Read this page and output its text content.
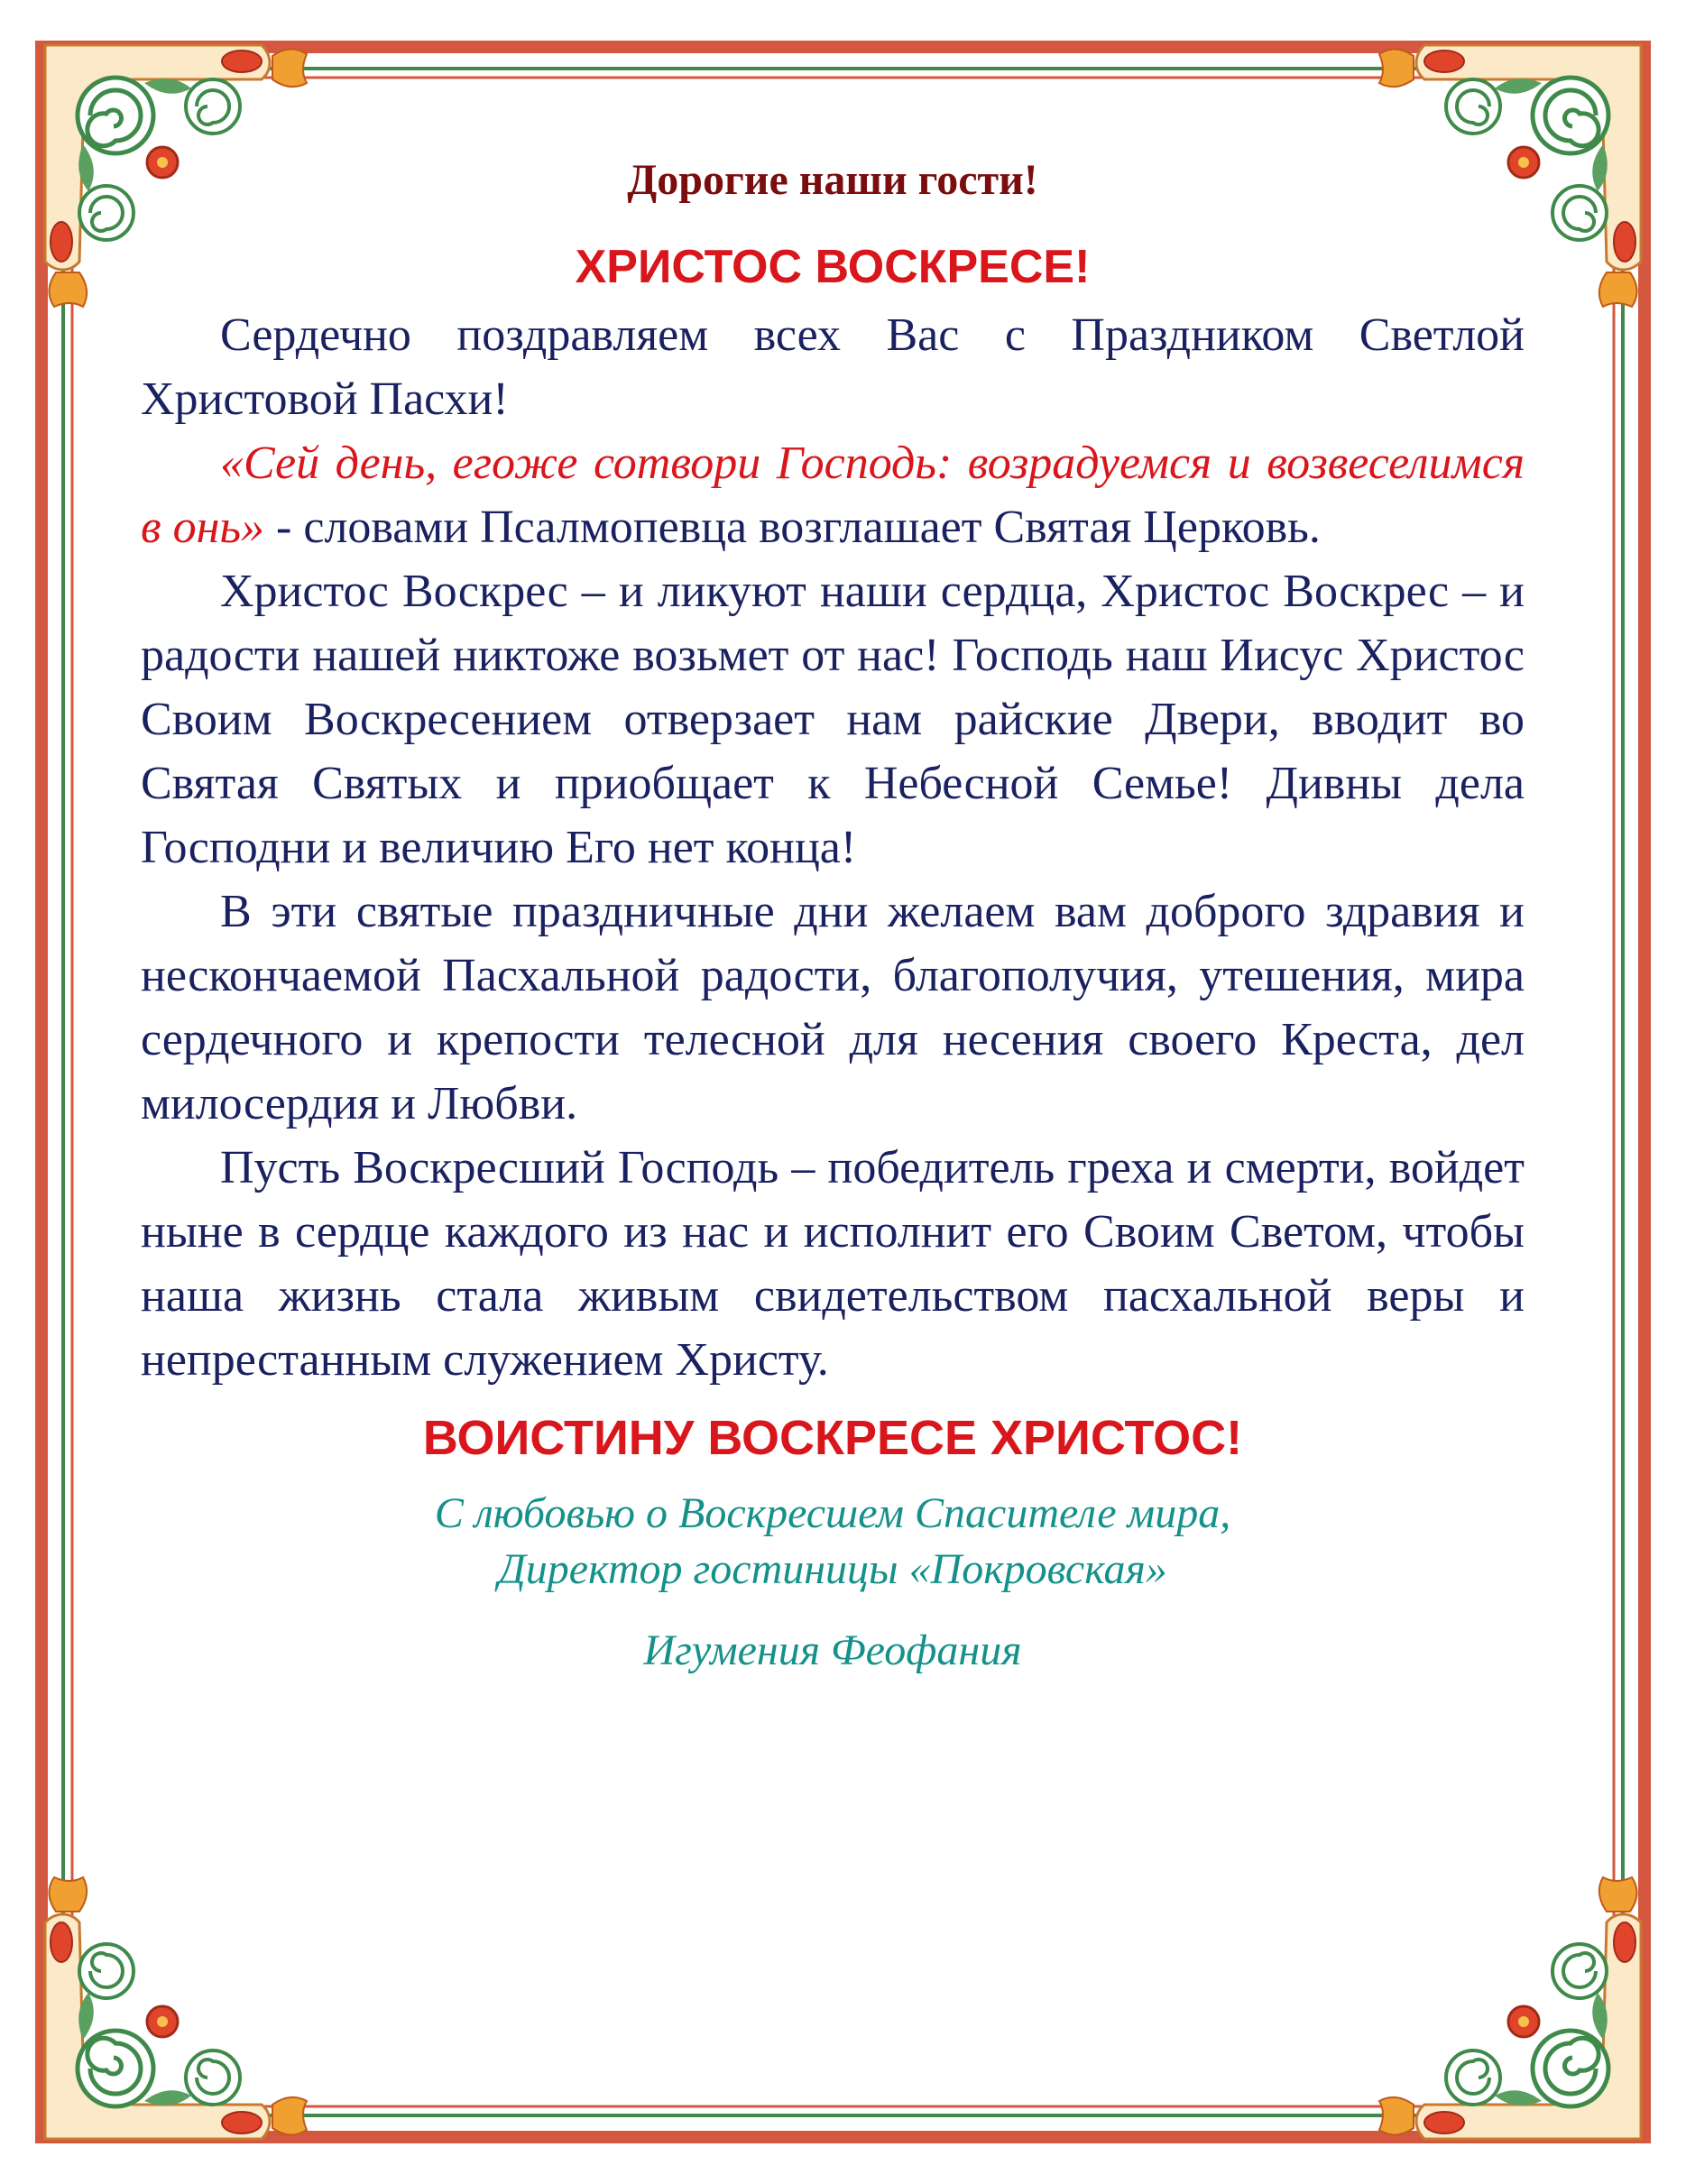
Дорогие наши гости!
ХРИСТОС ВОСКРЕСЕ!

Сердечно поздравляем всех Вас с Праздником Светлой Христовой Пасхи!

«Сей день, егоже сотвори Господь: возрадуемся и возвеселимся в онь» - словами Псалмопевца возглашает Святая Церковь.

Христос Воскрес – и ликуют наши сердца, Христос Воскрес – и радости нашей никтоже возьмет от нас! Господь наш Иисус Христос Своим Воскресением отверзает нам райские Двери, вводит во Святая Святых и приобщает к Небесной Семье! Дивны дела Господни и величию Его нет конца!

В эти святые праздничные дни желаем вам доброго здравия и нескончаемой Пасхальной радости, благополучия, утешения, мира сердечного и крепости телесной для несения своего Креста, дел милосердия и Любви.

Пусть Воскресший Господь – победитель греха и смерти, войдет ныне в сердце каждого из нас и исполнит его Своим Светом, чтобы наша жизнь стала живым свидетельством пасхальной веры и непрестанным служением Христу.

ВОИСТИНУ ВОСКРЕСЕ ХРИСТОС!

С любовью о Воскресшем Спасителе мира,

Директор гостиницы «Покровская»

Игумения Феофания
